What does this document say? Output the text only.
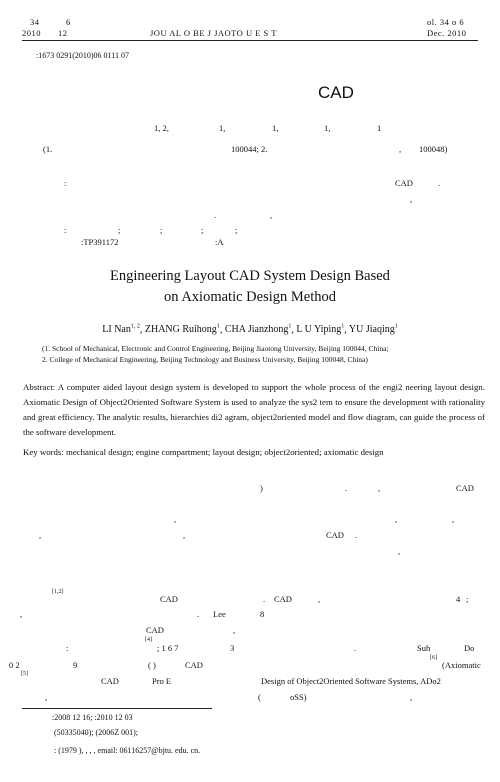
34	6
2010 12	JOU AL O BE J JAOTO U E S T
ol. 34 o 6
Dec. 2010
:1673 0291(2010)06 0111 07
CAD
1, 2,	1,	1,	1,	1
(1.	100044; 2.	, 100048)
:	CAD	.
,
.	,
:	;	;	;	;
:TP391172	:A
Engineering Layout CAD System Design Based
on Axiomatic Design Method
LI Nan$^{1, 2}$, ZHANG Ruihong$^1$, CHA Jianzhong$^1$, L U Yiping$^1$, YU Jiaqing$^1$
(1. School of Mechanical, Electronic and Control Engineering, Beijing Jiaotong University, Beijing 100044, China;
2. College of Mechanical Engineering, Beijing Technology and Business University, Beijing 100048, China)
Abstract: A computer aided layout design system is developed to support the whole process of the engi2 neering layout design. Axiomatic Design of Object2Oriented Software System is used to analyze the sys2 tem to ensure the development with rationality and great efficiency. The analytic results, hierarchies di2 agram, object2oriented model and flow diagram, can guide the process of the software development.
Key words: mechanical design; engine compartment; layout design; object2oriented; axiomatic design
)	.	,	CAD
,	,	,
,	,	CAD .
,
[1,2]
CAD	. CAD	,	4 ;
,	. Lee	8
CAD	,
:
[4]
; 1 6 7	3	.	Suh	Do
0 2	9	( )	CAD
[6]
(Axiomatic
[5]
CAD	Pro E	Design of Object2Oriented Software Systems, ADo2
,	(	oSS)	,
:2008 12 16; :2010 12 03
(50335040); (2006Z 001);
: (1979 ), , , , email: 06116257@bjtu. edu. cn.
